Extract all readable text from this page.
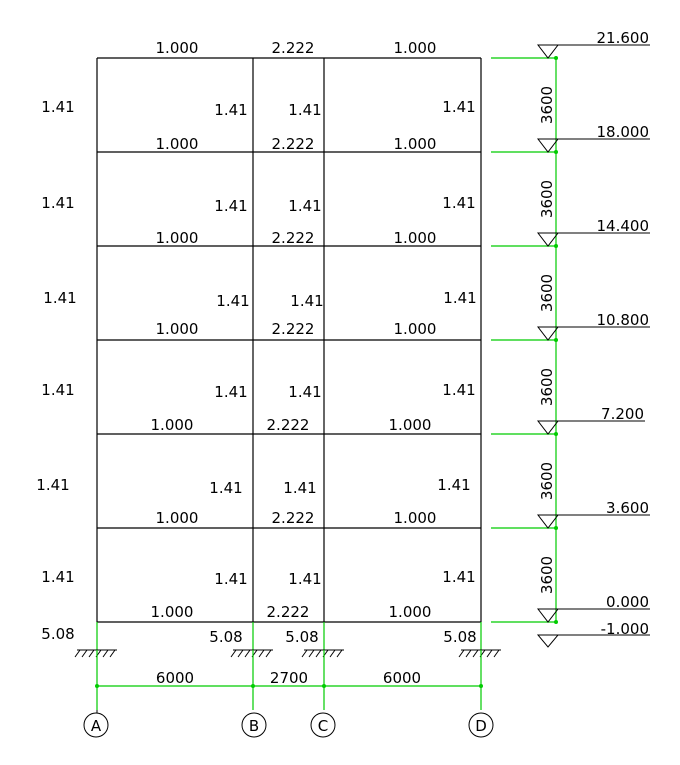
6000	2700	6000
A	B	C	D
3600
3600
3600
3600
3600
3600
21.600
18.000
14.400
10.800
7.200
3.600
0.000
-1.000
1.000	2.222	1.000
1.000	2.222	1.000
1.000	2.222	1.000
1.000	2.222	1.000
1.000	2.222	1.000
1.000	2.222	1.000
1.000	2.222	1.000
1.41	1.41	1.41	1.41
1.41	1.41	1.41	1.41
1.41	1.41	1.41	1.41
1.41	1.41	1.41	1.41
1.41	1.41	1.41	1.41
1.41	1.41	1.41	1.41
5.08	5.08	5.08	5.08
